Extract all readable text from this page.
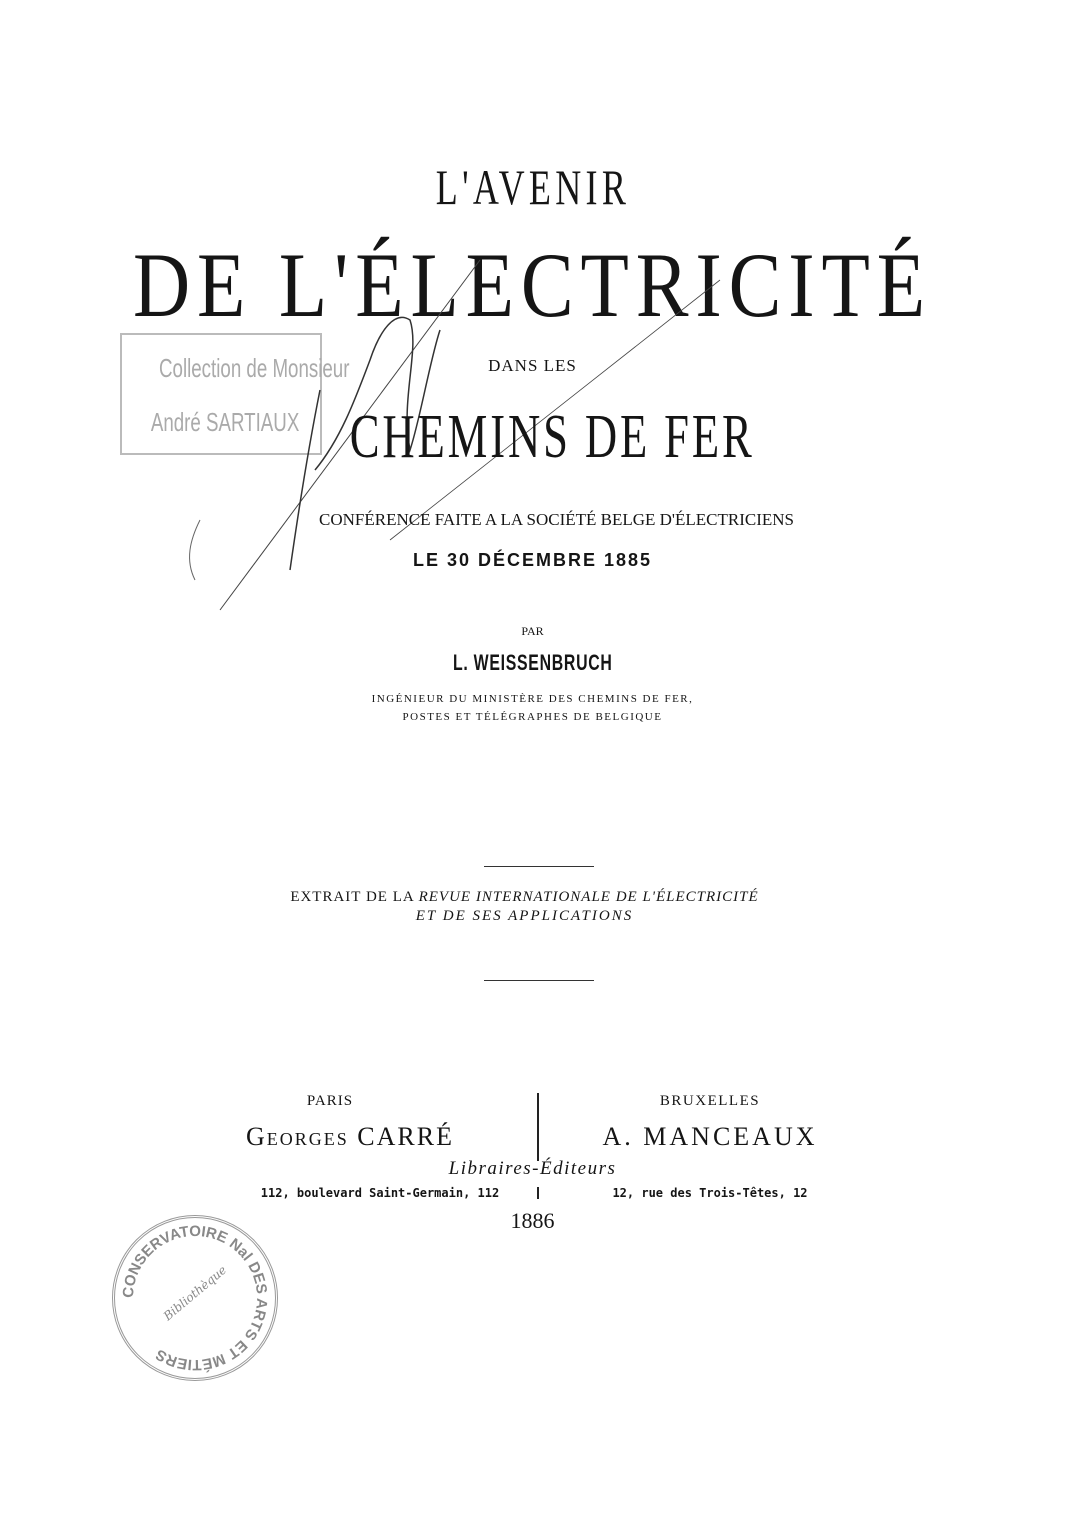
L'AVENIR
DE L'ÉLECTRICITÉ
Collection de Monsieur
André SARTIAUX
DANS LES
CHEMINS DE FER
CONFÉRENCE FAITE A LA SOCIÉTÉ BELGE D'ÉLECTRICIENS
LE 30 DÉCEMBRE 1885
PAR
L. WEISSENBRUCH
INGÉNIEUR DU MINISTÈRE DES CHEMINS DE FER,
POSTES ET TÉLÉGRAPHES DE BELGIQUE
EXTRAIT DE LA REVUE INTERNATIONALE DE L'ÉLECTRICITÉ
ET DE SES APPLICATIONS
PARIS
Georges CARRÉ
BRUXELLES
A. MANCEAUX
Libraires-Éditeurs
112, boulevard Saint-Germain, 112	12, rue des Trois-Têtes, 12
1886
CONSERVATOIRE Nal DES ARTS ET MÉTIERS
Bibliothèque
